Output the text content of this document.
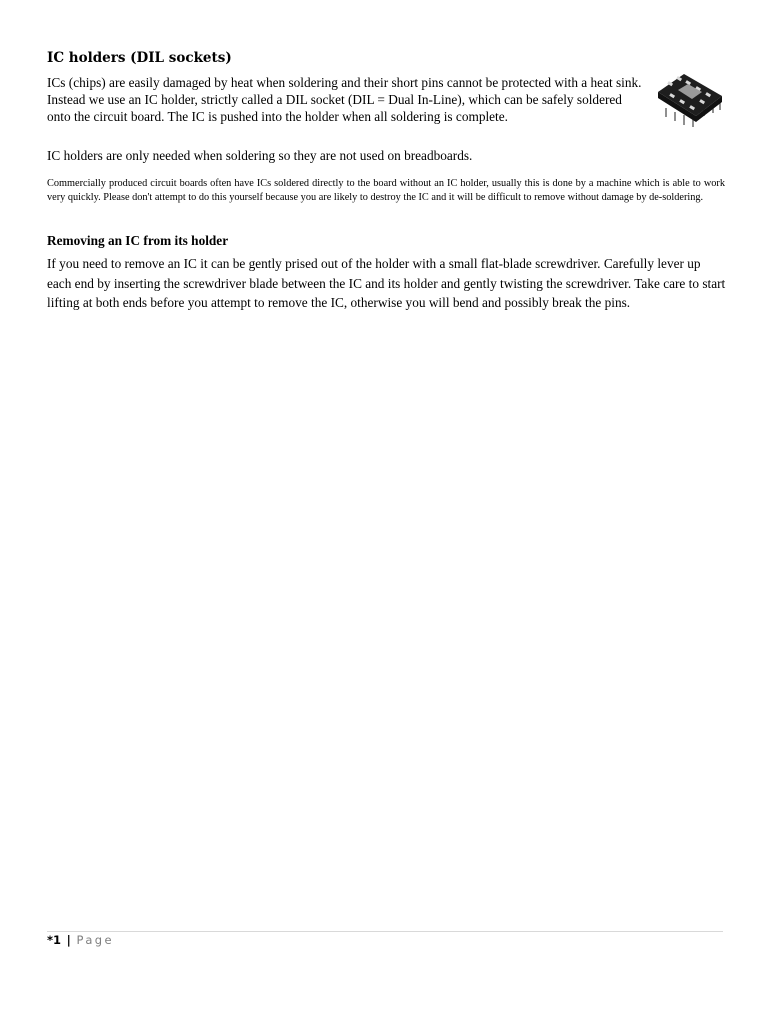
IC holders (DIL sockets)

ICs (chips) are easily damaged by heat when soldering and their short pins cannot be protected with a heat sink. Instead we use an IC holder, strictly called a DIL socket (DIL = Dual In-Line), which can be safely soldered onto the circuit board. The IC is pushed into the holder when all soldering is complete.

IC holders are only needed when soldering so they are not used on breadboards.

Commercially produced circuit boards often have ICs soldered directly to the board without an IC holder, usually this is done by a machine which is able to work very quickly. Please don't attempt to do this yourself because you are likely to destroy the IC and it will be difficult to remove without damage by de-soldering.

Removing an IC from its holder

If you need to remove an IC it can be gently prised out of the holder with a small flat-blade screwdriver. Carefully lever up each end by inserting the screwdriver blade between the IC and its holder and gently twisting the screwdriver. Take care to start lifting at both ends before you attempt to remove the IC, otherwise you will bend and possibly break the pins.

*1 | Page
